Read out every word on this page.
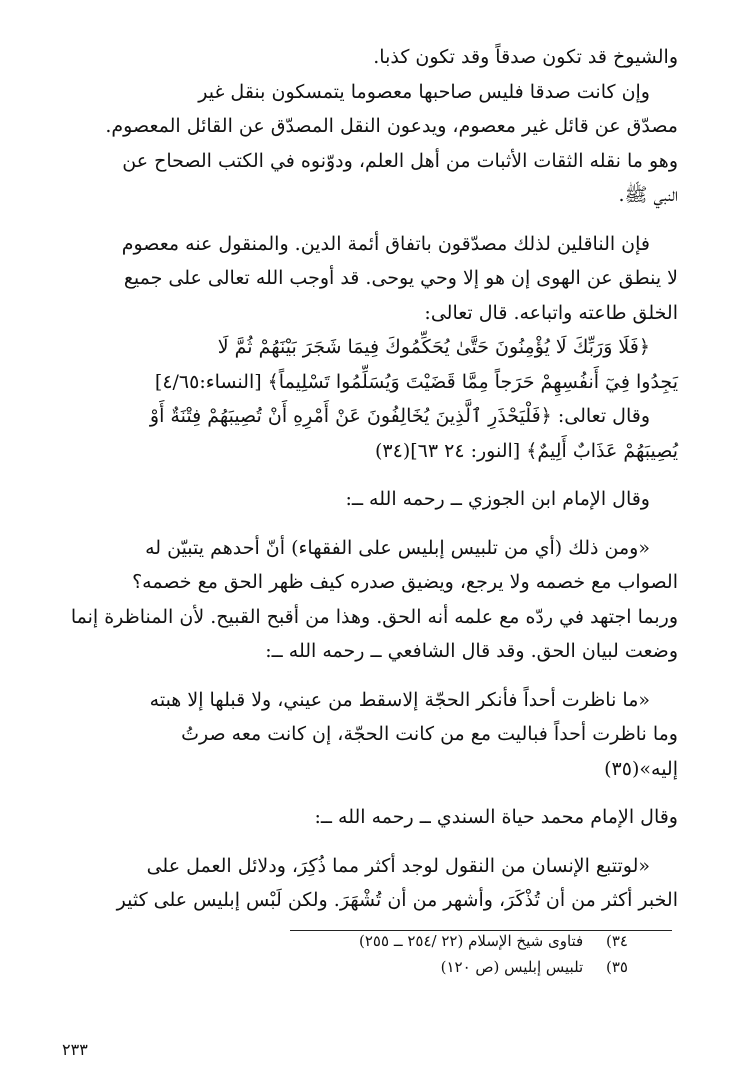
والشيوخ قد تكون صدقاً وقد تكون كذبا.

وإن كانت صدقا فليس صاحبها معصوما يتمسكون بنقل غير

مصدّق عن قائل غير معصوم، ويدعون النقل المصدّق عن القائل المعصوم.

وهو ما نقله الثقات الأثبات من أهل العلم، ودوّنوه في الكتب الصحاح عن

النبي ﷺ.

فإن الناقلين لذلك مصدّقون باتفاق أئمة الدين. والمنقول عنه معصوم

لا ينطق عن الهوى إن هو إلا وحي يوحى. قد أوجب الله تعالى على جميع

الخلق طاعته واتباعه. قال تعالى:

﴿فَلَا وَرَبِّكَ لَا يُؤْمِنُونَ حَتَّىٰ يُحَكِّمُوكَ فِيمَا شَجَرَ بَيْنَهُمْ ثُمَّ لَا

يَجِدُوا فِيٓ أَنفُسِهِمْ حَرَجاً مِمَّا قَضَيْتَ وَيُسَلِّمُوا تَسْلِيماً﴾ [النساء:٤/٦٥]

وقال تعالى: ﴿فَلْيَحْذَرِ ٱلَّذِينَ يُخَالِفُونَ عَنْ أَمْرِهِ أَنْ تُصِيبَهُمْ فِتْنَةٌ أَوْ

يُصِيبَهُمْ عَذَابٌ أَلِيمٌ﴾ [النور: ٢٤ ٦٣](٣٤)

وقال الإمام ابن الجوزي ــ رحمه الله ــ:

«ومن ذلك (أي من تلبيس إبليس على الفقهاء) أنّ أحدهم يتبيّن له

الصواب مع خصمه ولا يرجع، ويضيق صدره كيف ظهر الحق مع خصمه؟

وربما اجتهد في ردّه مع علمه أنه الحق. وهذا من أقبح القبيح. لأن المناظرة إنما

وضعت لبيان الحق. وقد قال الشافعي ــ رحمه الله ــ:

«ما ناظرت أحداً فأنكر الحجّة إلاسقط من عيني، ولا قبلها إلا هبته

وما ناظرت أحداً فباليت مع من كانت الحجّة، إن كانت معه صرتُ

إليه»(٣٥)

وقال الإمام محمد حياة السندي ــ رحمه الله ــ:

«لوتتبع الإنسان من النقول لوجد أكثر مما ذُكِرَ، ودلائل العمل على

الخبر أكثر من أن تُذْكَرَ، وأشهر من أن تُشْهَرَ. ولكن لَبْس إبليس على كثير

٣٤) فتاوى شيخ الإسلام (٢٢ /٢٥٤ ــ ٢٥٥)

٣٥) تلبيس إبليس (ص ١٢٠)

٢٣٣
